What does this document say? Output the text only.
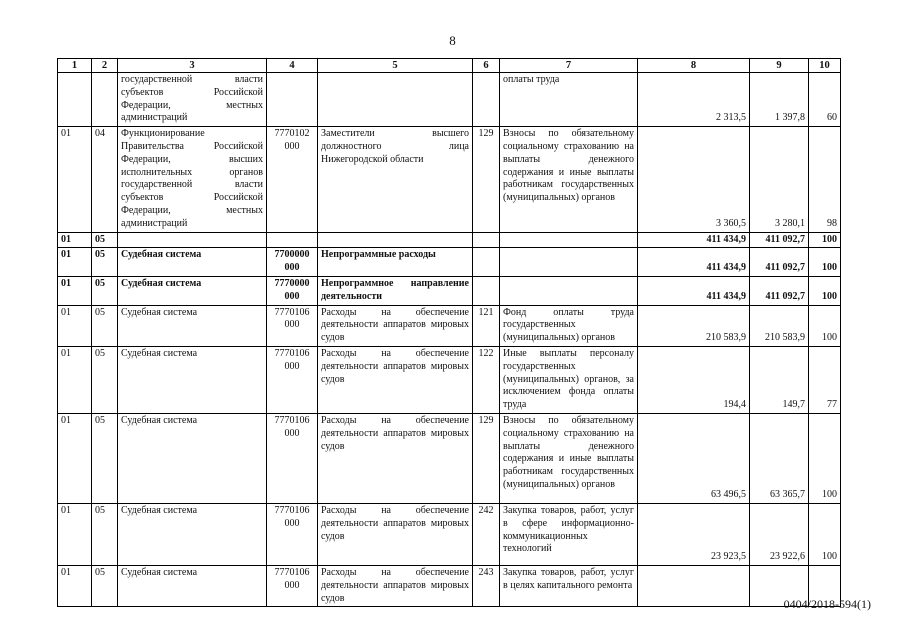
8
1	2	3	4	5	6	7	8	9	10
		государственной власти субъектов Российской Федерации, местных администраций				оплаты труда	2 313,5	1 397,8	60
01	04	Функционирование Правительства Российской Федерации, высших исполнительных органов государственной власти субъектов Российской Федерации, местных администраций	7770102 000	Заместители высшего должностного лица Нижегородской области	129	Взносы по обязательному социальному страхованию на выплаты денежного содержания и иные выплаты работникам государственных (муниципальных) органов	3 360,5	3 280,1	98
01	05						411 434,9	411 092,7	100
01	05	Судебная система	7700000 000	Непрограммные расходы			411 434,9	411 092,7	100
01	05	Судебная система	7770000 000	Непрограммное направление деятельности			411 434,9	411 092,7	100
01	05	Судебная система	7770106 000	Расходы на обеспечение деятельности аппаратов мировых судов	121	Фонд оплаты труда государственных (муниципальных) органов	210 583,9	210 583,9	100
01	05	Судебная система	7770106 000	Расходы на обеспечение деятельности аппаратов мировых судов	122	Иные выплаты персоналу государственных (муниципальных) органов, за исключением фонда оплаты труда	194,4	149,7	77
01	05	Судебная система	7770106 000	Расходы на обеспечение деятельности аппаратов мировых судов	129	Взносы по обязательному социальному страхованию на выплаты денежного содержания и иные выплаты работникам государственных (муниципальных) органов	63 496,5	63 365,7	100
01	05	Судебная система	7770106 000	Расходы на обеспечение деятельности аппаратов мировых судов	242	Закупка товаров, работ, услуг в сфере информационно-коммуникационных технологий	23 923,5	23 922,6	100
01	05	Судебная система	7770106 000	Расходы на обеспечение деятельности аппаратов мировых судов	243	Закупка товаров, работ, услуг в целях капитального ремонта			
0404/2018-594(1)
